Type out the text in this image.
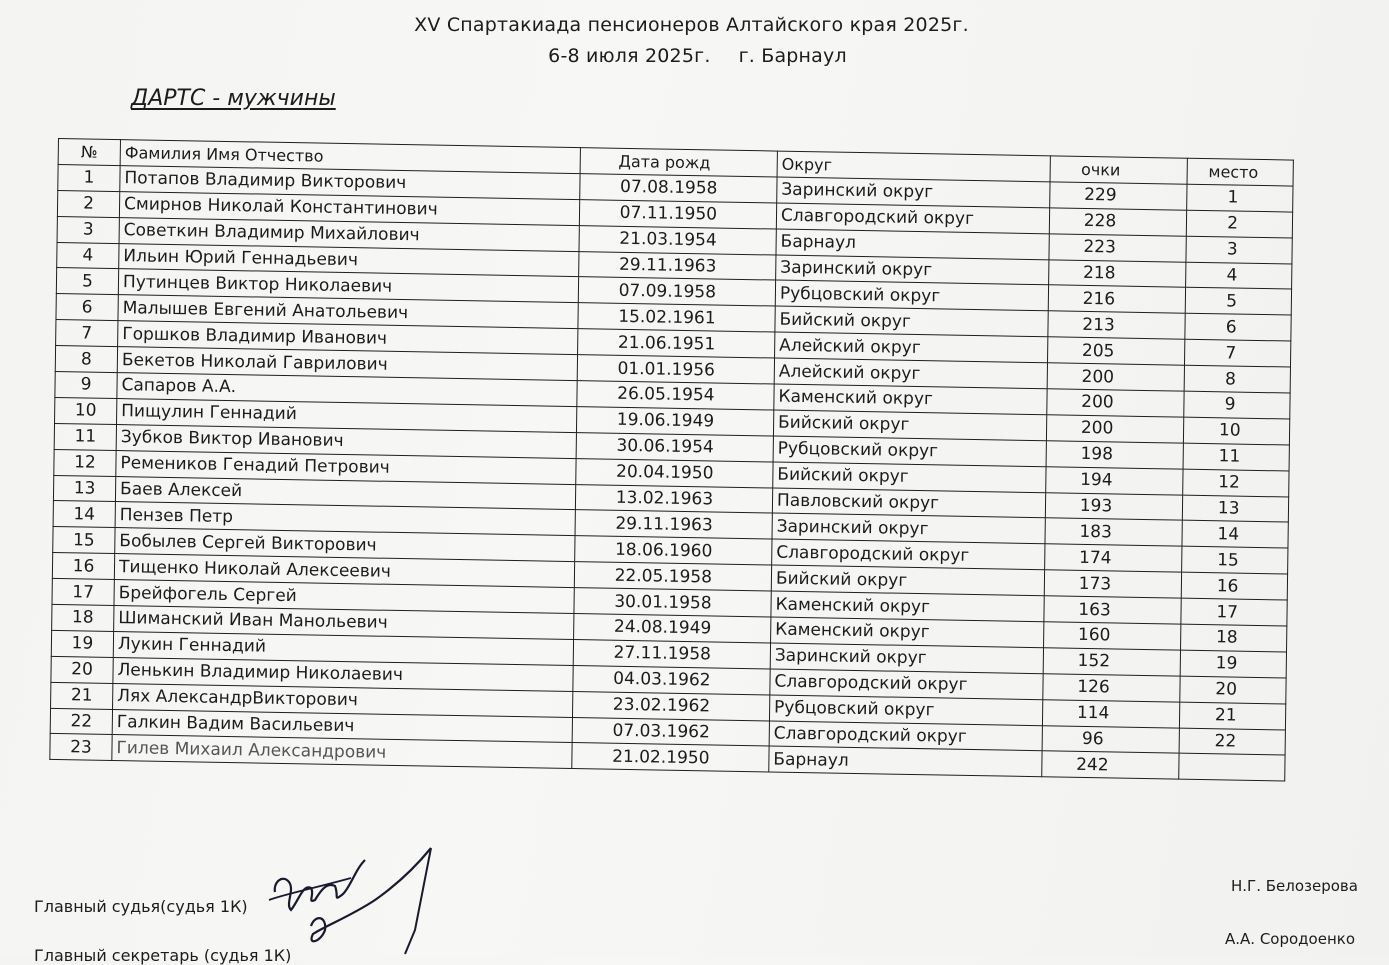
XV Спартакиада пенсионеров Алтайского края 2025г.
6-8 июля 2025г. г. Барнаул
ДАРТС - мужчины
№	Фамилия Имя Отчество	Дата рожд	Округ	очки	место
1	Потапов Владимир Викторович	07.08.1958	Заринский округ	229	1
2	Смирнов Николай Константинович	07.11.1950	Славгородский округ	228	2
3	Советкин Владимир Михайлович	21.03.1954	Барнаул	223	3
4	Ильин Юрий Геннадьевич	29.11.1963	Заринский округ	218	4
5	Путинцев Виктор Николаевич	07.09.1958	Рубцовский округ	216	5
6	Малышев Евгений Анатольевич	15.02.1961	Бийский округ	213	6
7	Горшков Владимир Иванович	21.06.1951	Алейский округ	205	7
8	Бекетов Николай Гаврилович	01.01.1956	Алейский округ	200	8
9	Сапаров А.А.	26.05.1954	Каменский округ	200	9
10	Пищулин Геннадий	19.06.1949	Бийский округ	200	10
11	Зубков Виктор Иванович	30.06.1954	Рубцовский округ	198	11
12	Ремеников Генадий Петрович	20.04.1950	Бийский округ	194	12
13	Баев Алексей	13.02.1963	Павловский округ	193	13
14	Пензев Петр	29.11.1963	Заринский округ	183	14
15	Бобылев Сергей Викторович	18.06.1960	Славгородский округ	174	15
16	Тищенко Николай Алексеевич	22.05.1958	Бийский округ	173	16
17	Брейфогель Сергей	30.01.1958	Каменский округ	163	17
18	Шиманский Иван Манольевич	24.08.1949	Каменский округ	160	18
19	Лукин Геннадий	27.11.1958	Заринский округ	152	19
20	Ленькин Владимир Николаевич	04.03.1962	Славгородский округ	126	20
21	Лях АлександрВикторович	23.02.1962	Рубцовский округ	114	21
22	Галкин Вадим Васильевич	07.03.1962	Славгородский округ	96	22
23	Гилев Михаил Александрович	21.02.1950	Барнаул	242	
Главный судья(судья 1К)
Н.Г. Белозерова
Главный секретарь (судья 1К)
А.А. Сородоенко
